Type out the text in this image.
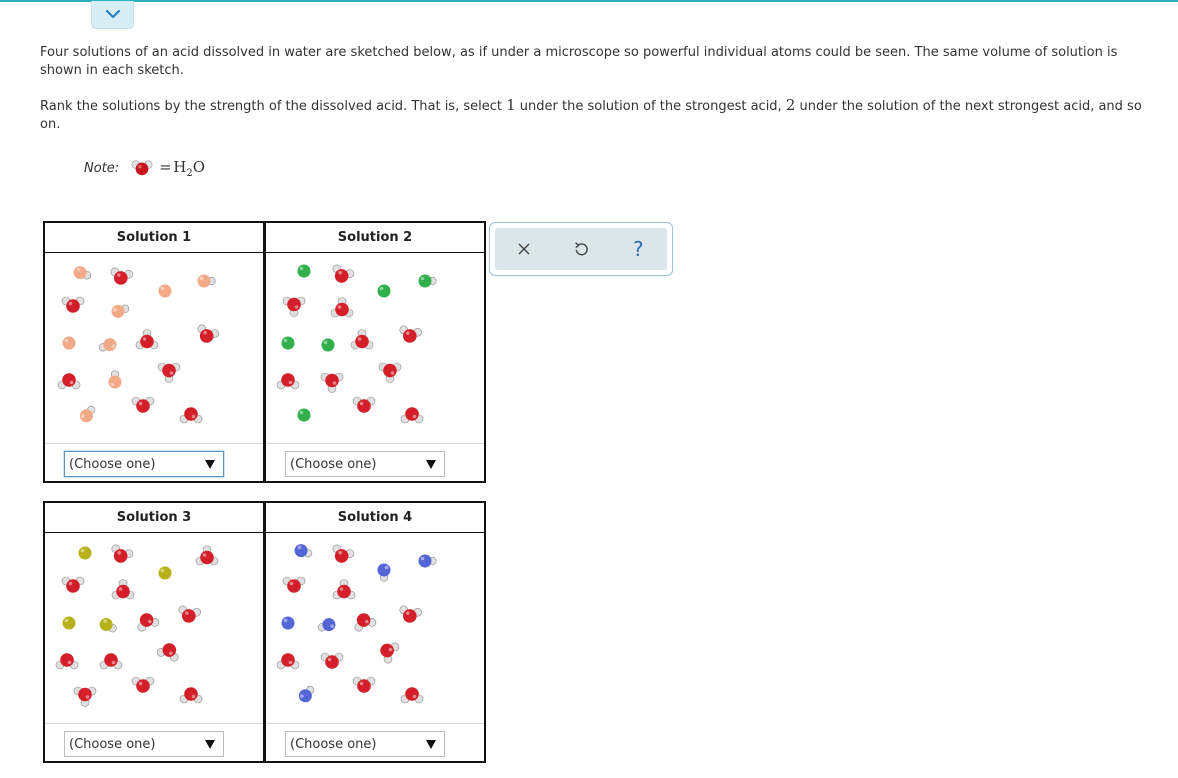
Four solutions of an acid dissolved in water are sketched below, as if under a microscope so powerful individual atoms could be seen. The same volume of solution is shown in each sketch.

Rank the solutions by the strength of the dissolved acid. That is, select 1 under the solution of the strongest acid, 2 under the solution of the next strongest acid, and so on.

Note:	=  $H_2O$
Solution 1
(Choose one)
Solution 2
(Choose one)
Solution 3
(Choose one)
Solution 4
(Choose one)
?
